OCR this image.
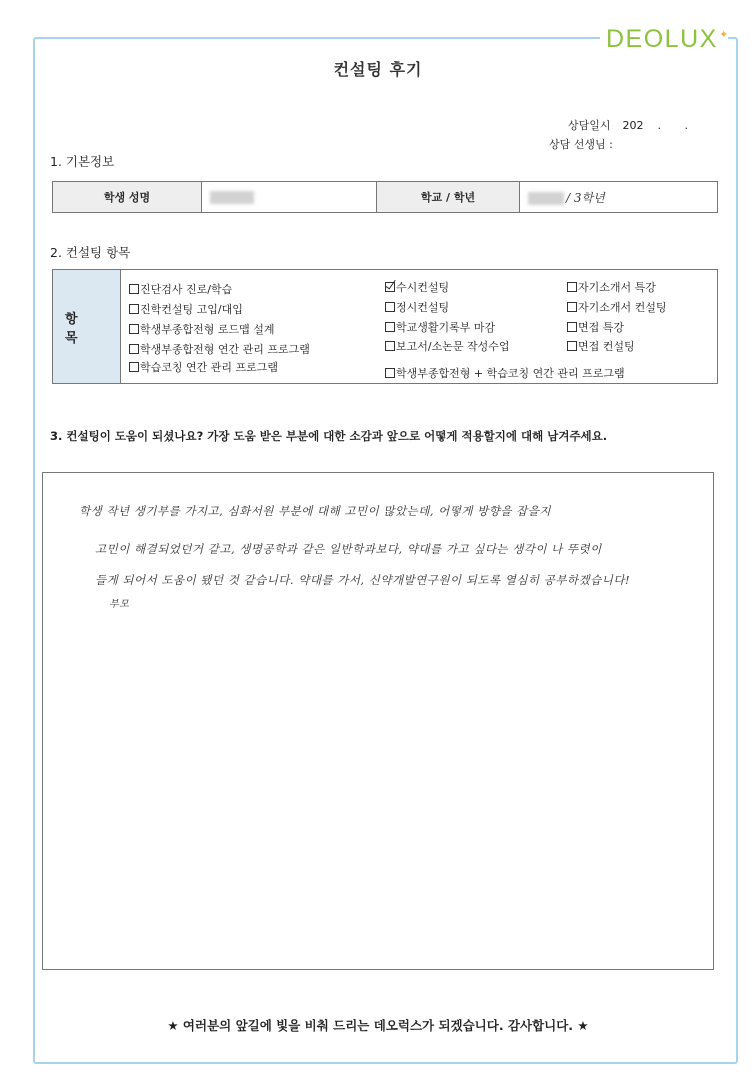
DEOLUX ✦
컨설팅 후기
상담일시 202 . .
상담 선생님 :
1. 기본정보
학생 성명		학교 / 학년	/ 3학년
2. 컨설팅 항목
항 목
진단검사 진로/학습
진학컨설팅 고입/대입
학생부종합전형 로드맵 설계
학생부종합전형 연간 관리 프로그램
학습코칭 연간 관리 프로그램
수시컨설팅
정시컨설팅
학교생활기록부 마감
보고서/소논문 작성수업
학생부종합전형 + 학습코칭 연간 관리 프로그램
자기소개서 특강
자기소개서 컨설팅
면접 특강
면접 컨설팅
3. 컨설팅이 도움이 되셨나요? 가장 도움 받은 부분에 대한 소감과 앞으로 어떻게 적용할지에 대해 남겨주세요.
학생 작년 생기부를 가지고, 심화서원 부분에 대해 고민이 많았는데, 어떻게 방향을 잡을지
고민이 해결되었던거 같고, 생명공학과 같은 일반학과보다, 약대를 가고 싶다는 생각이 나 뚜렷이
들게 되어서 도움이 됐던 것 같습니다. 약대를 가서, 신약개발연구원이 되도록 열심히 공부하겠습니다!
부모
★ 여러분의 앞길에 빛을 비춰 드리는 데오럭스가 되겠습니다. 감사합니다. ★
